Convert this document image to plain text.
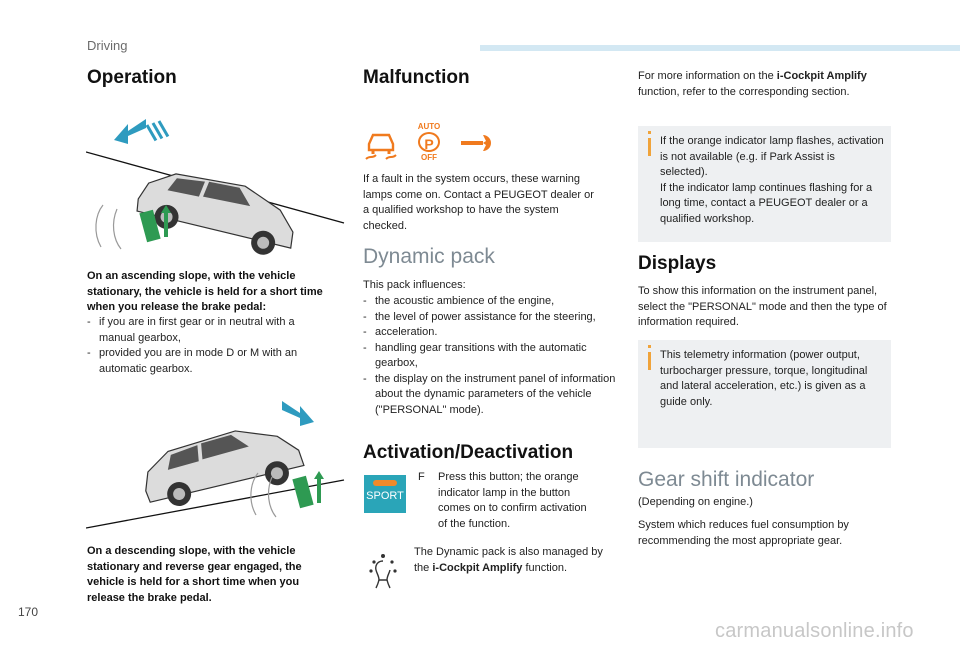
Driving
Operation
On an ascending slope, with the vehicle stationary, the vehicle is held for a short time when you release the brake pedal:
- if you are in first gear or in neutral with a manual gearbox,
- provided you are in mode D or M with an automatic gearbox.
On a descending slope, with the vehicle stationary and reverse gear engaged, the vehicle is held for a short time when you release the brake pedal.
Malfunction
AUTO
P
OFF
If a fault in the system occurs, these warning lamps come on. Contact a PEUGEOT dealer or a qualified workshop to have the system checked.
Dynamic pack
This pack influences:
- the acoustic ambience of the engine,
- the level of power assistance for the steering,
- acceleration.
- handling gear transitions with the automatic gearbox,
- the display on the instrument panel of information about the dynamic parameters of the vehicle ("PERSONAL" mode).
Activation/Deactivation
SPORT
F Press this button; the orange indicator lamp in the button comes on to confirm activation of the function.
The Dynamic pack is also managed by the i-Cockpit Amplify function.
For more information on the i-Cockpit Amplify function, refer to the corresponding section.
If the orange indicator lamp flashes, activation is not available (e.g. if Park Assist is selected).
If the indicator lamp continues flashing for a long time, contact a PEUGEOT dealer or a qualified workshop.
Displays
To show this information on the instrument panel, select the "PERSONAL" mode and then the type of information required.
This telemetry information (power output, turbocharger pressure, torque, longitudinal and lateral acceleration, etc.) is given as a guide only.
Gear shift indicator
(Depending on engine.)
System which reduces fuel consumption by recommending the most appropriate gear.
170
carmanualsonline.info
